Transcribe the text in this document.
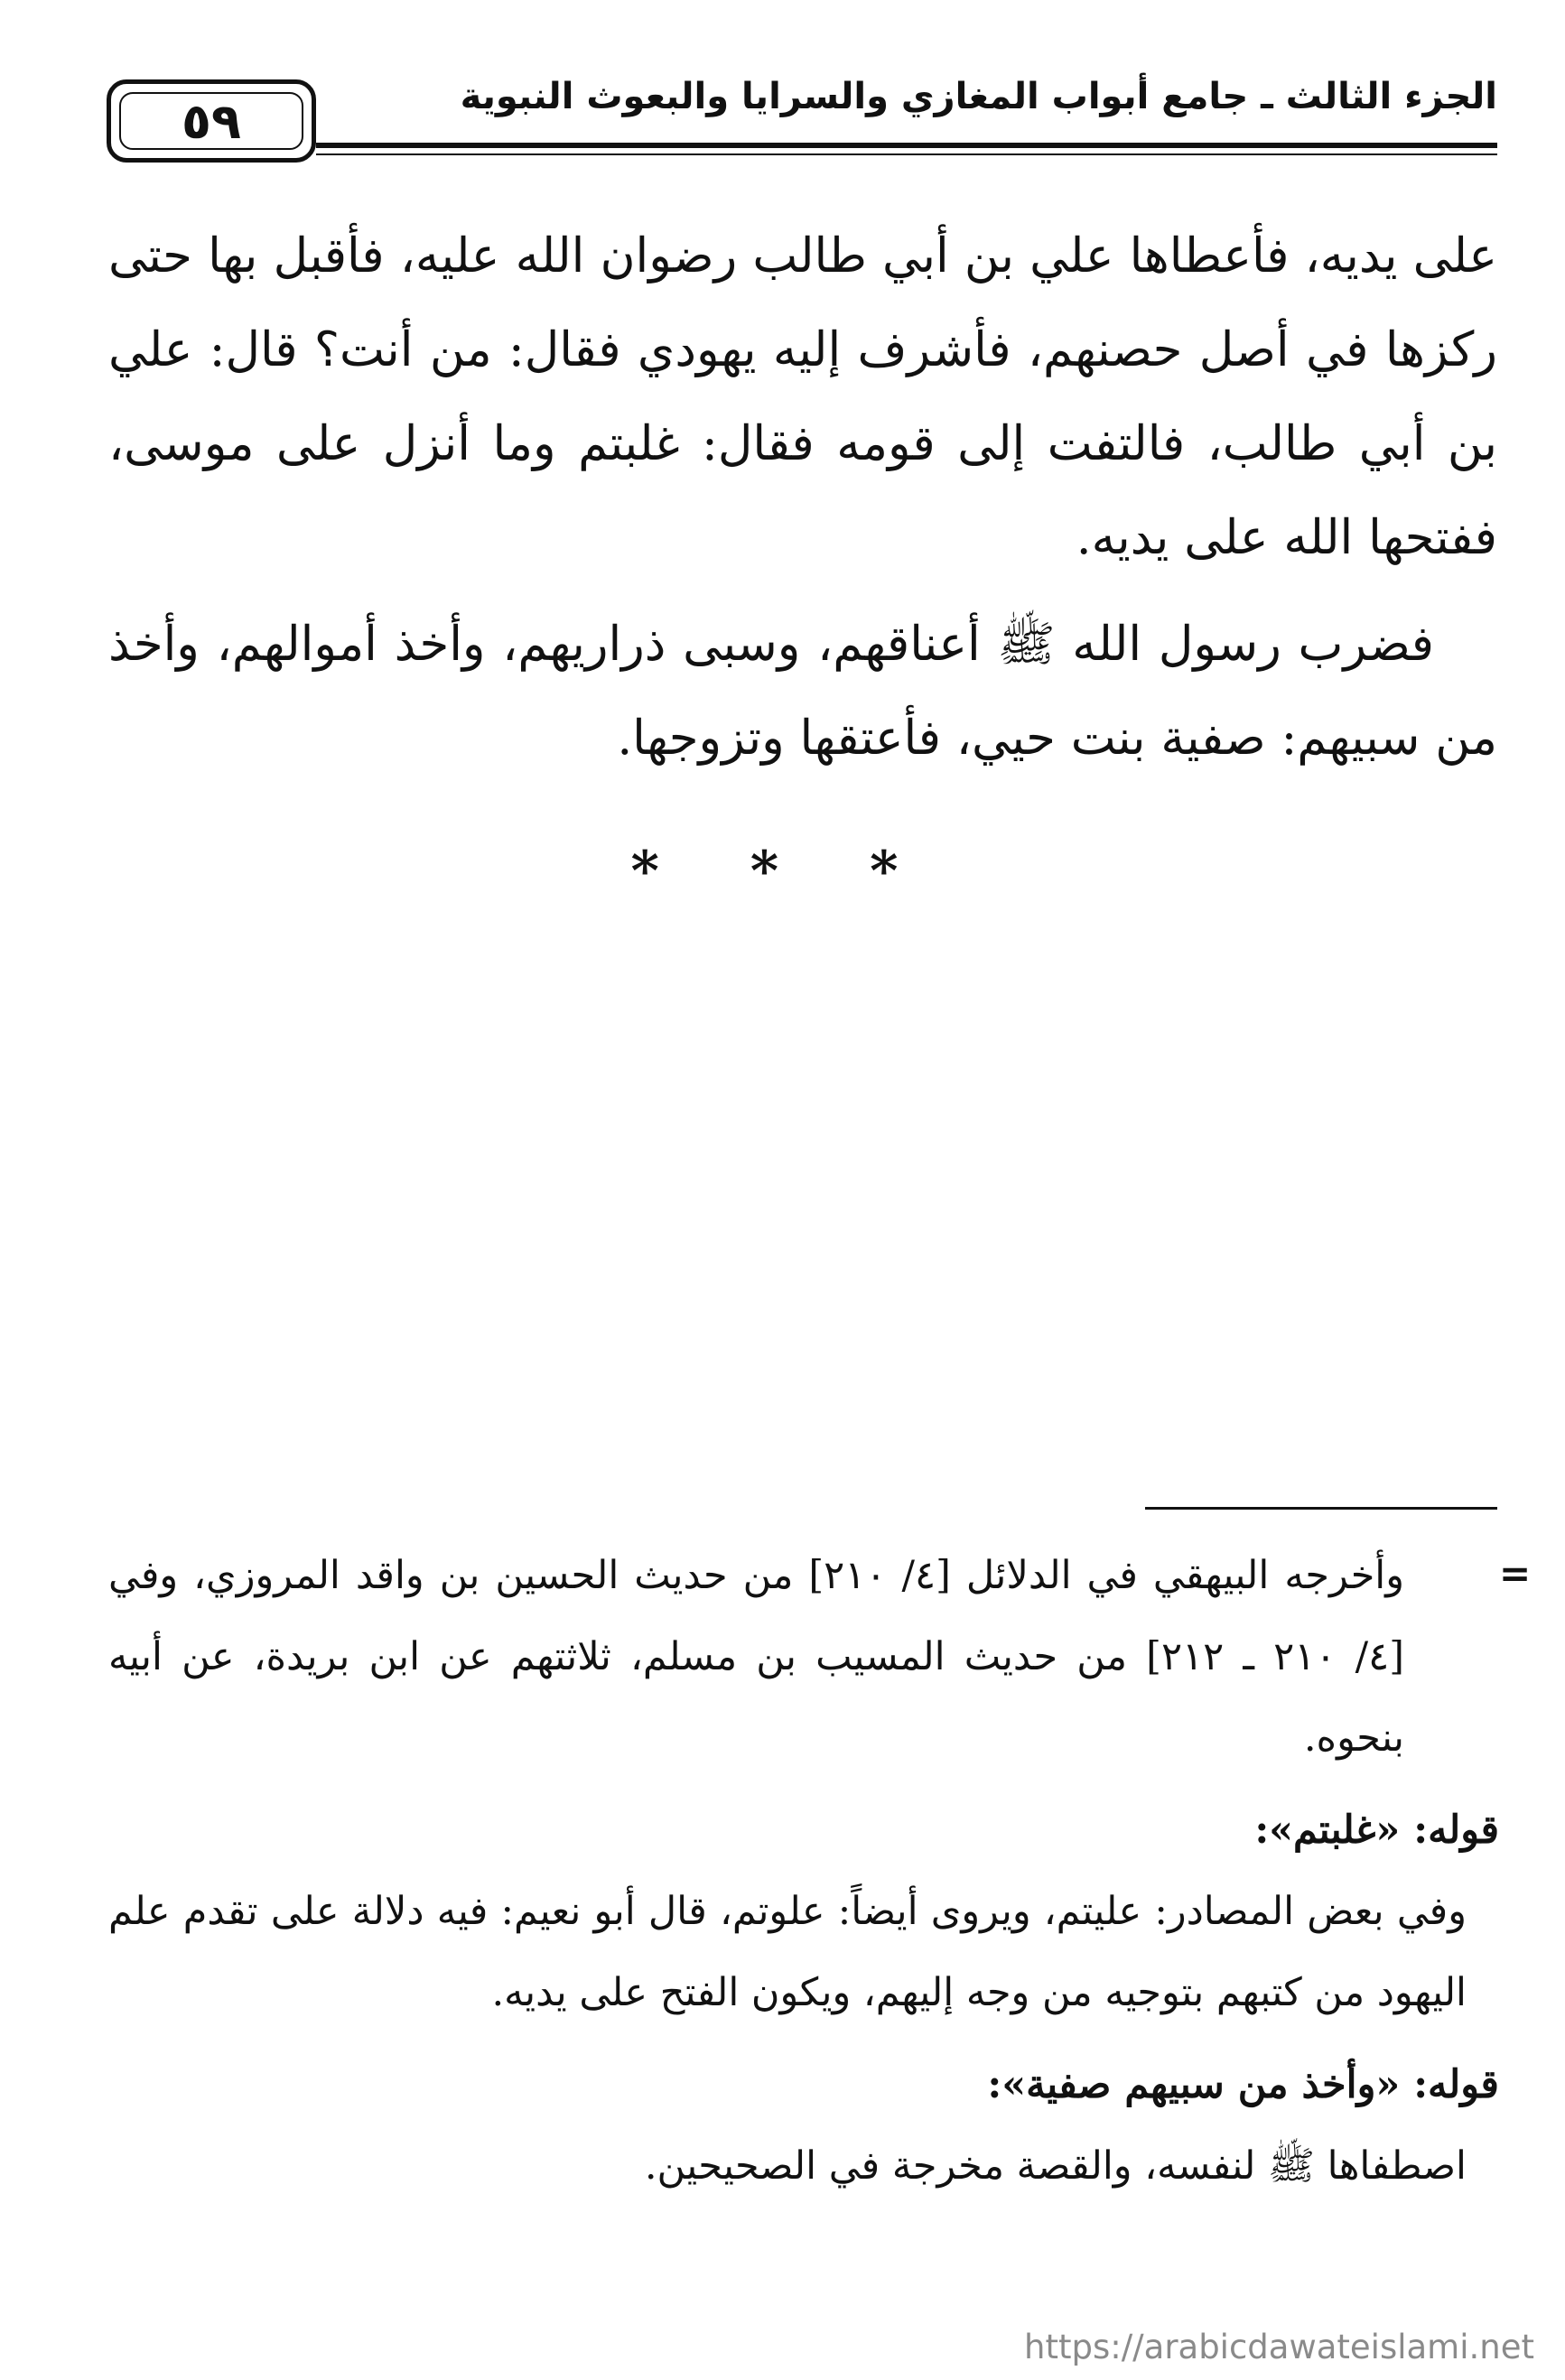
٥٩	الجزء الثالث ـ جامع أبواب المغازي والسرايا والبعوث النبوية

على يديه، فأعطاها علي بن أبي طالب رضوان الله عليه، فأقبل بها حتى ركزها في أصل حصنهم، فأشرف إليه يهودي فقال: من أنت؟ قال: علي بن أبي طالب، فالتفت إلى قومه فقال: غلبتم وما أنزل على موسى، ففتحها الله على يديه.

فضرب رسول الله ﷺ أعناقهم، وسبى ذراريهم، وأخذ أموالهم، وأخذ من سبيهم: صفية بنت حيي، فأعتقها وتزوجها.

* * *
=

وأخرجه البيهقي في الدلائل [٤/ ٢١٠] من حديث الحسين بن واقد المروزي، وفي [٤/ ٢١٠ ـ ٢١٢] من حديث المسيب بن مسلم، ثلاثتهم عن ابن بريدة، عن أبيه بنحوه.

قوله: «غلبتم»:

وفي بعض المصادر: عليتم، ويروى أيضاً: علوتم، قال أبو نعيم: فيه دلالة على تقدم علم اليهود من كتبهم بتوجيه من وجه إليهم، ويكون الفتح على يديه.

قوله: «وأخذ من سبيهم صفية»:

اصطفاها ﷺ لنفسه، والقصة مخرجة في الصحيحين.

https://arabicdawateislami.net
